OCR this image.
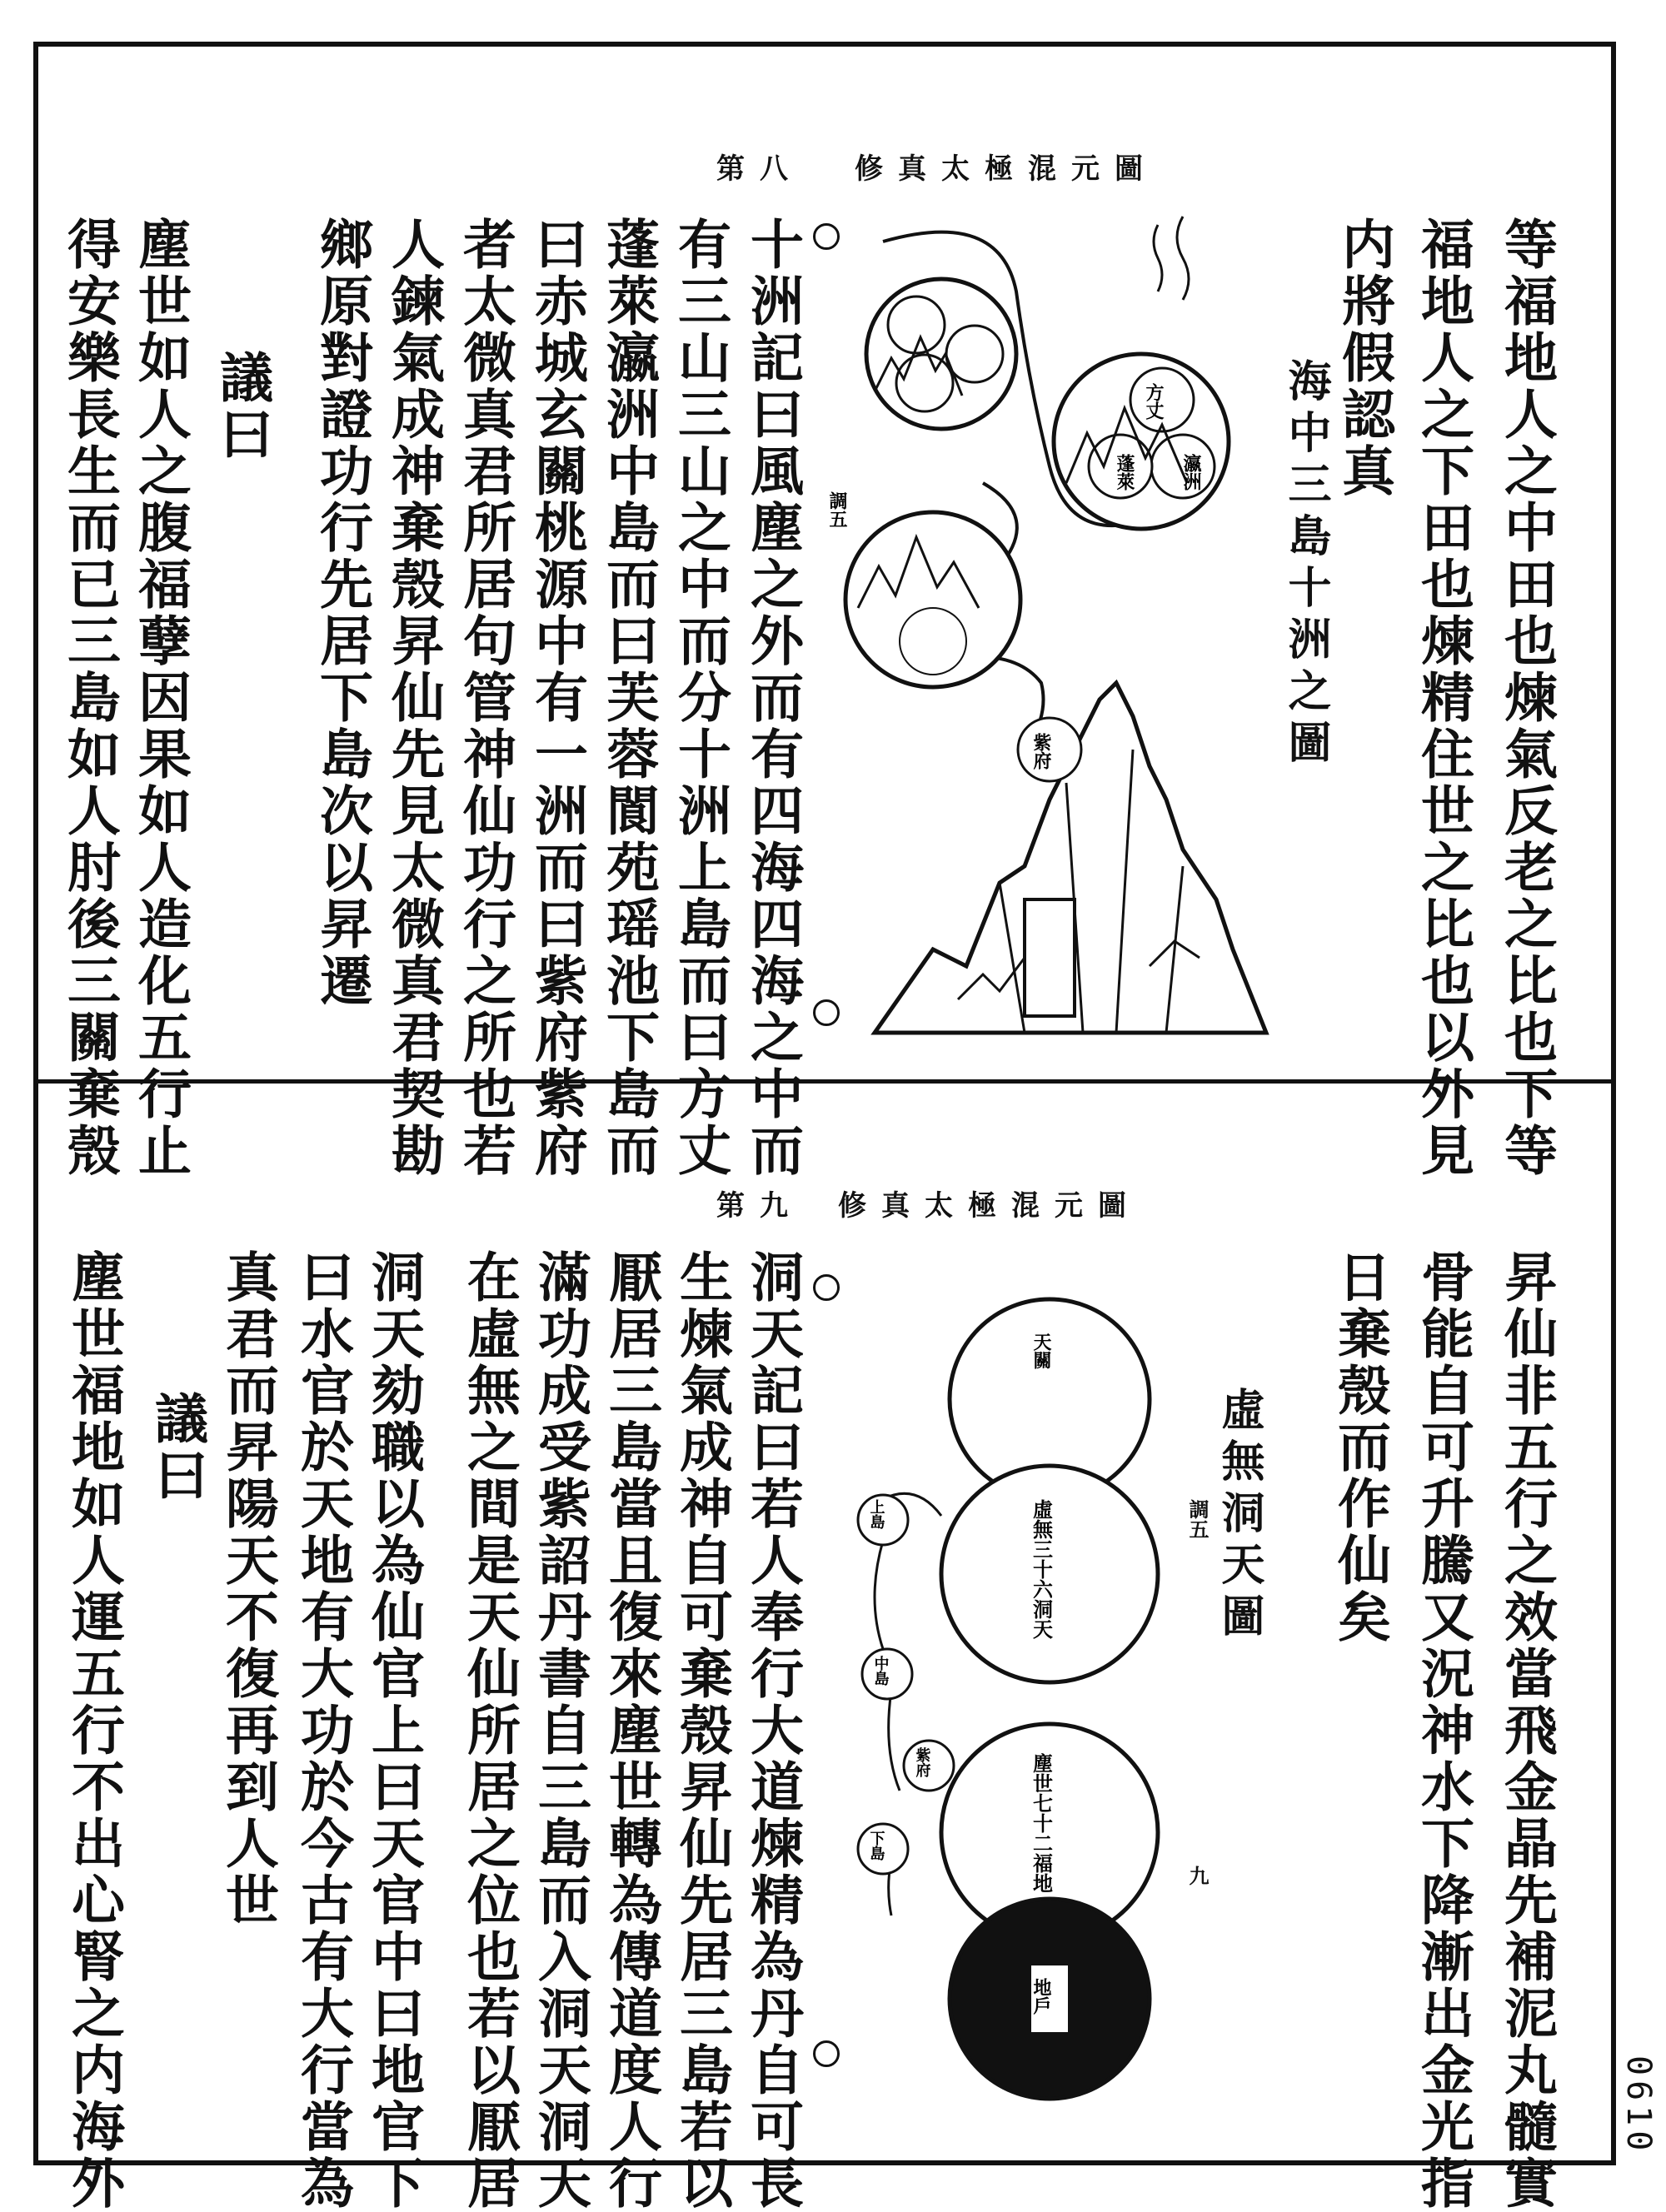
第八	修真太極混元圖
等福地人之中田也煉氣反老之比也下等
福地人之下田也煉精住世之比也以外見
内將假認真
海中三島十洲之圖
方丈
瀛洲
蓬萊
紫府
調五
十洲記曰風塵之外而有四海四海之中而
有三山三山之中而分十洲上島而曰方丈
蓬萊瀛洲中島而曰芙蓉閬苑瑶池下島而
曰赤城玄關桃源中有一洲而曰紫府紫府
者太微真君所居句管神仙功行之所也若
人鍊氣成神棄殼昇仙先見太微真君契勘
鄉原對證功行先居下島次以昇遷
議曰
塵世如人之腹福孽因果如人造化五行止
得安樂長生而已三島如人肘後三關棄殼
第九	修真太極混元圖
昇仙非五行之效當飛金晶先補泥丸髓實
骨能自可升騰又況神水下降漸出金光指
日棄殼而作仙矣
虛無洞天圖
調五
九
天關
虛無三十六洞天
塵世七十二福地
地戶
上島
中島
紫府
下島
洞天記曰若人奉行大道煉精為丹自可長
生煉氣成神自可棄殼昇仙先居三島若以
厭居三島當且復來塵世轉為傳道度人行
滿功成受紫詔丹書自三島而入洞天洞天
在虛無之間是天仙所居之位也若以厭居
洞天劾職以為仙官上曰天官中曰地官下
曰水官於天地有大功於今古有大行當為
真君而昇陽天不復再到人世
議曰
塵世福地如人運五行不出心腎之内海外	0610
